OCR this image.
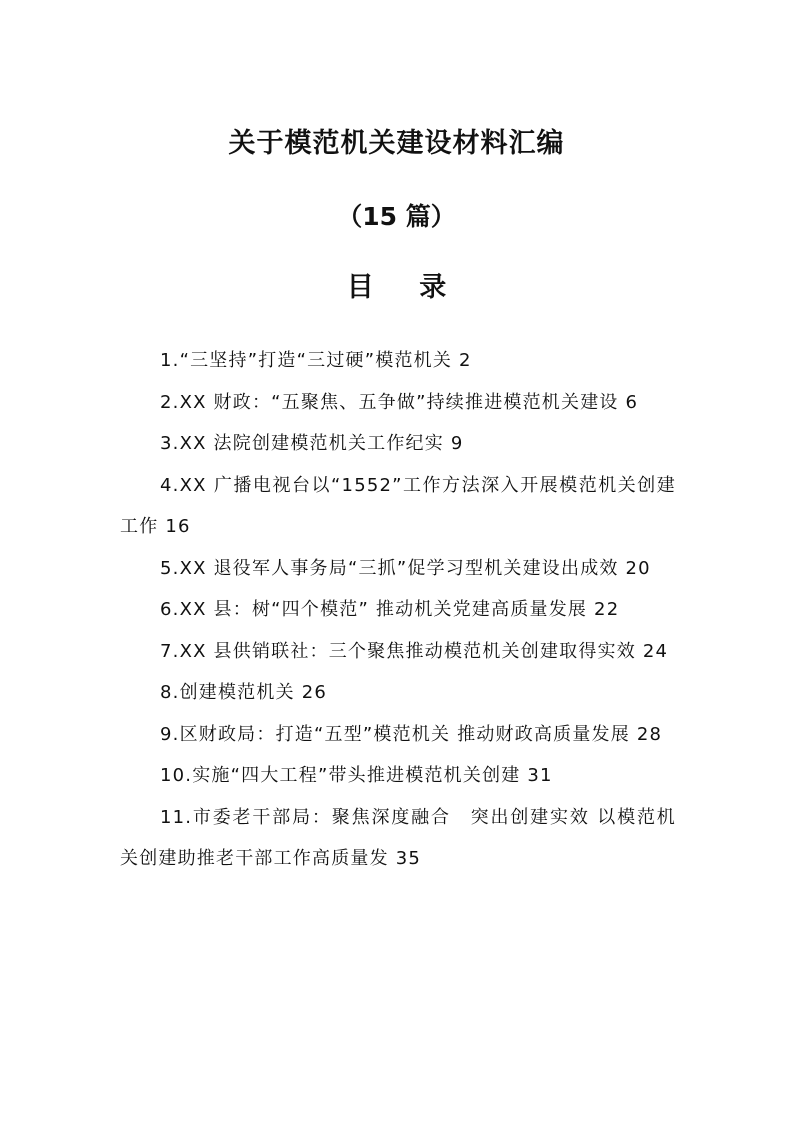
关于模范机关建设材料汇编
（15 篇）
目 录
1.“三坚持”打造“三过硬”模范机关 2
2.XX 财政：“五聚焦、五争做”持续推进模范机关建设 6
3.XX 法院创建模范机关工作纪实 9
4.XX 广播电视台以“1552”工作方法深入开展模范机关创建工作 16
5.XX 退役军人事务局“三抓”促学习型机关建设出成效 20
6.XX 县：树“四个模范” 推动机关党建高质量发展 22
7.XX 县供销联社：三个聚焦推动模范机关创建取得实效 24
8.创建模范机关 26
9.区财政局：打造“五型”模范机关 推动财政高质量发展 28
10.实施“四大工程”带头推进模范机关创建 31
11.市委老干部局：聚焦深度融合　突出创建实效 以模范机关创建助推老干部工作高质量发 35
